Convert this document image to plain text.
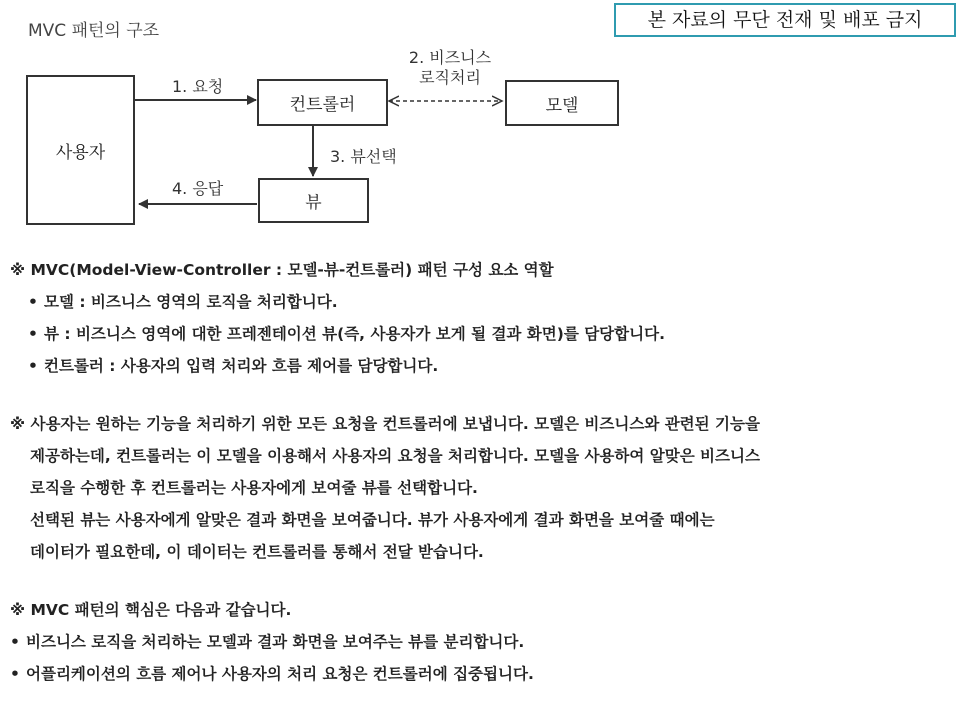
본 자료의 무단 전재 및 배포 금지
MVC 패턴의 구조
사용자
컨트롤러	모델
뷰
1. 요청
2. 비즈니스
로직처리
3. 뷰선택
4. 응답
※ MVC(Model-View-Controller : 모델-뷰-컨트롤러) 패턴 구성 요소 역할
• 모델 : 비즈니스 영역의 로직을 처리합니다.
• 뷰 : 비즈니스 영역에 대한 프레젠테이션 뷰(즉, 사용자가 보게 될 결과 화면)를 담당합니다.
• 컨트롤러 : 사용자의 입력 처리와 흐름 제어를 담당합니다.
※ 사용자는 원하는 기능을 처리하기 위한 모든 요청을 컨트롤러에 보냅니다. 모델은 비즈니스와 관련된 기능을
제공하는데, 컨트롤러는 이 모델을 이용해서 사용자의 요청을 처리합니다. 모델을 사용하여 알맞은 비즈니스
로직을 수행한 후 컨트롤러는 사용자에게 보여줄 뷰를 선택합니다.
선택된 뷰는 사용자에게 알맞은 결과 화면을 보여줍니다. 뷰가 사용자에게 결과 화면을 보여줄 때에는
데이터가 필요한데, 이 데이터는 컨트롤러를 통해서 전달 받습니다.
※ MVC 패턴의 핵심은 다음과 같습니다.
• 비즈니스 로직을 처리하는 모델과 결과 화면을 보여주는 뷰를 분리합니다.
• 어플리케이션의 흐름 제어나 사용자의 처리 요청은 컨트롤러에 집중됩니다.
